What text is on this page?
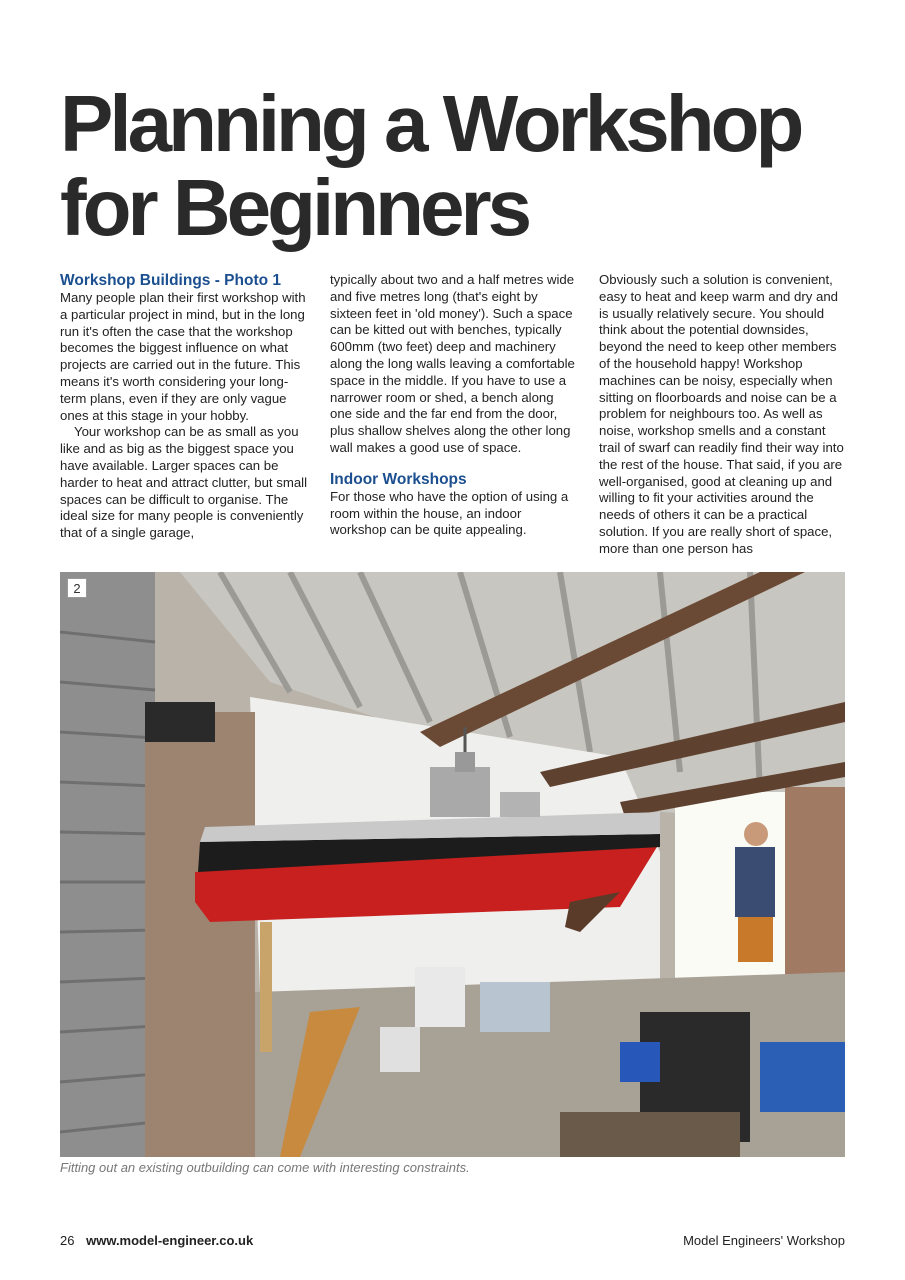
Planning a Workshop for Beginners
Workshop Buildings - Photo 1

Many people plan their first workshop with a particular project in mind, but in the long run it's often the case that the workshop becomes the biggest influence on what projects are carried out in the future. This means it's worth considering your long-term plans, even if they are only vague ones at this stage in your hobby.

Your workshop can be as small as you like and as big as the biggest space you have available. Larger spaces can be harder to heat and attract clutter, but small spaces can be difficult to organise. The ideal size for many people is conveniently that of a single garage,

typically about two and a half metres wide and five metres long (that's eight by sixteen feet in 'old money'). Such a space can be kitted out with benches, typically 600mm (two feet) deep and machinery along the long walls leaving a comfortable space in the middle. If you have to use a narrower room or shed, a bench along one side and the far end from the door, plus shallow shelves along the other long wall makes a good use of space.

Indoor Workshops

For those who have the option of using a room within the house, an indoor workshop can be quite appealing.

Obviously such a solution is convenient, easy to heat and keep warm and dry and is usually relatively secure. You should think about the potential downsides, beyond the need to keep other members of the household happy! Workshop machines can be noisy, especially when sitting on floorboards and noise can be a problem for neighbours too. As well as noise, workshop smells and a constant trail of swarf can readily find their way into the rest of the house. That said, if you are well-organised, good at cleaning up and willing to fit your activities around the needs of others it can be a practical solution. If you are really short of space, more than one person has

2

Fitting out an existing outbuilding can come with interesting constraints.

26 www.model-engineer.co.uk	Model Engineers' Workshop
